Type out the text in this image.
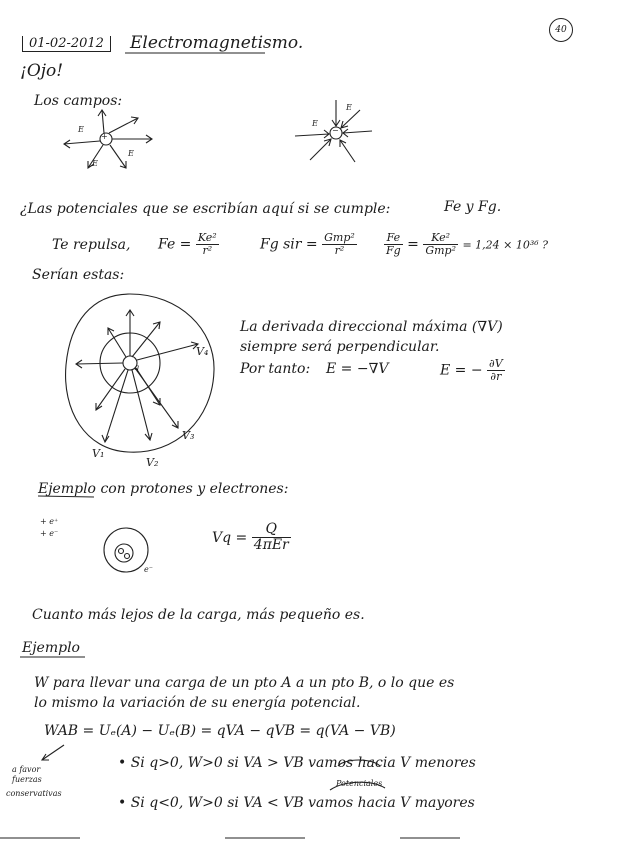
01-02-2012	Electromagnetismo.
40
¡Ojo!
Los campos:
+
−
E
E
E
E
E
¿Las potenciales que se escribían aquí si se cumple:	Fe y Fg.
Te repulsa, $Fe = \frac{\text{Ke²}}{\text{r²}}$	Fg sir = $\frac{\text{Gmp²}}{\text{r²}} \frac{Fe}{Fg} = \frac{\text{Ke²}}{\text{Gmp²}} = 1,24 \times 10^{36}$ ?
Serían estas:
q
V₄
V₁
V₂
V₃
La derivada direccional máxima (∇V)
siempre será perpendicular.
Por tanto: E = −∇V	E = − $\frac{\partial V}{\partial r}$
Ejemplo con protones y electrones:
+ e⁺
+ e⁻
e⁻
$Vq = \frac{Q}{\text{4πEr}}$
Cuanto más lejos de la carga, más pequeño es.
Ejemplo
W para llevar una carga de un pto A a un pto B, o lo que es
lo mismo la variación de su energía potencial.
WAB = Uₑ(A) − Uₑ(B) = qVA − qVB = q(VA − VB)
• Si q>0, W>0 si VA > VB vamos hacia V menores
• Si q<0, W>0 si VA < VB vamos hacia V mayores
a favor
fuerzas
conservativas
Potenciales
